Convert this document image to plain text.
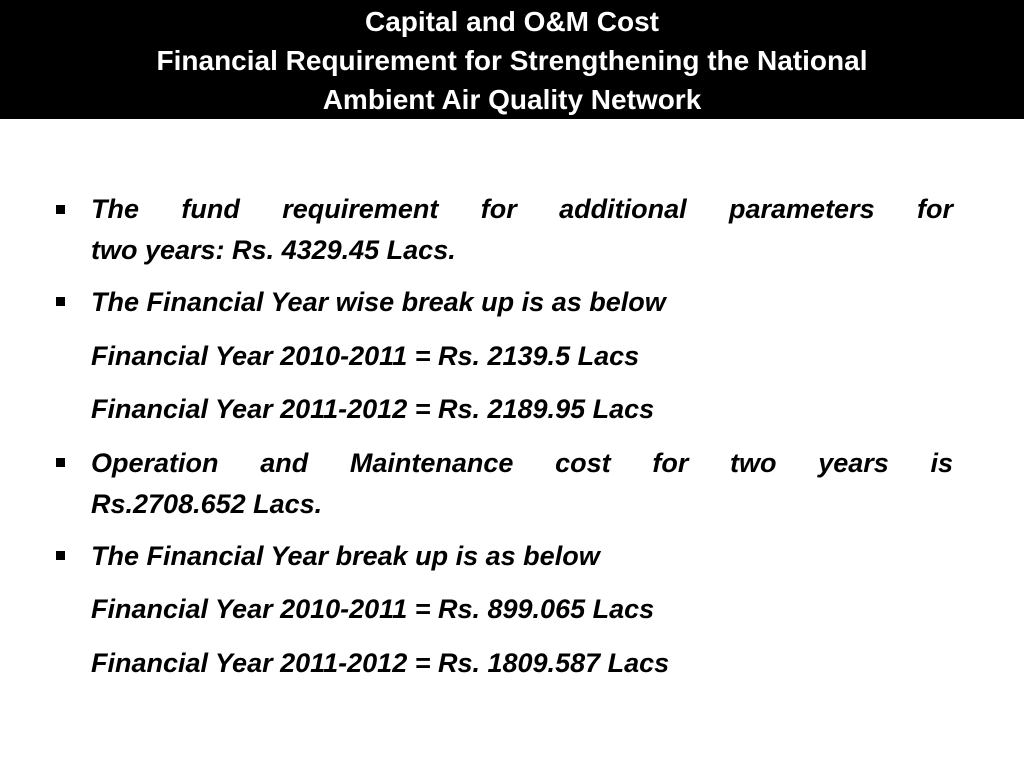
Capital and O&M Cost
Financial Requirement for Strengthening the National
Ambient Air Quality Network
The fund requirement for additional parameters for
two years: Rs. 4329.45 Lacs.
The Financial Year wise break up is as below
Financial Year 2010-2011 = Rs. 2139.5 Lacs
Financial Year 2011-2012 = Rs. 2189.95 Lacs
Operation and Maintenance cost for two years is
Rs.2708.652 Lacs.
The Financial Year break up is as below
Financial Year 2010-2011 = Rs. 899.065 Lacs
Financial Year 2011-2012 = Rs. 1809.587 Lacs
